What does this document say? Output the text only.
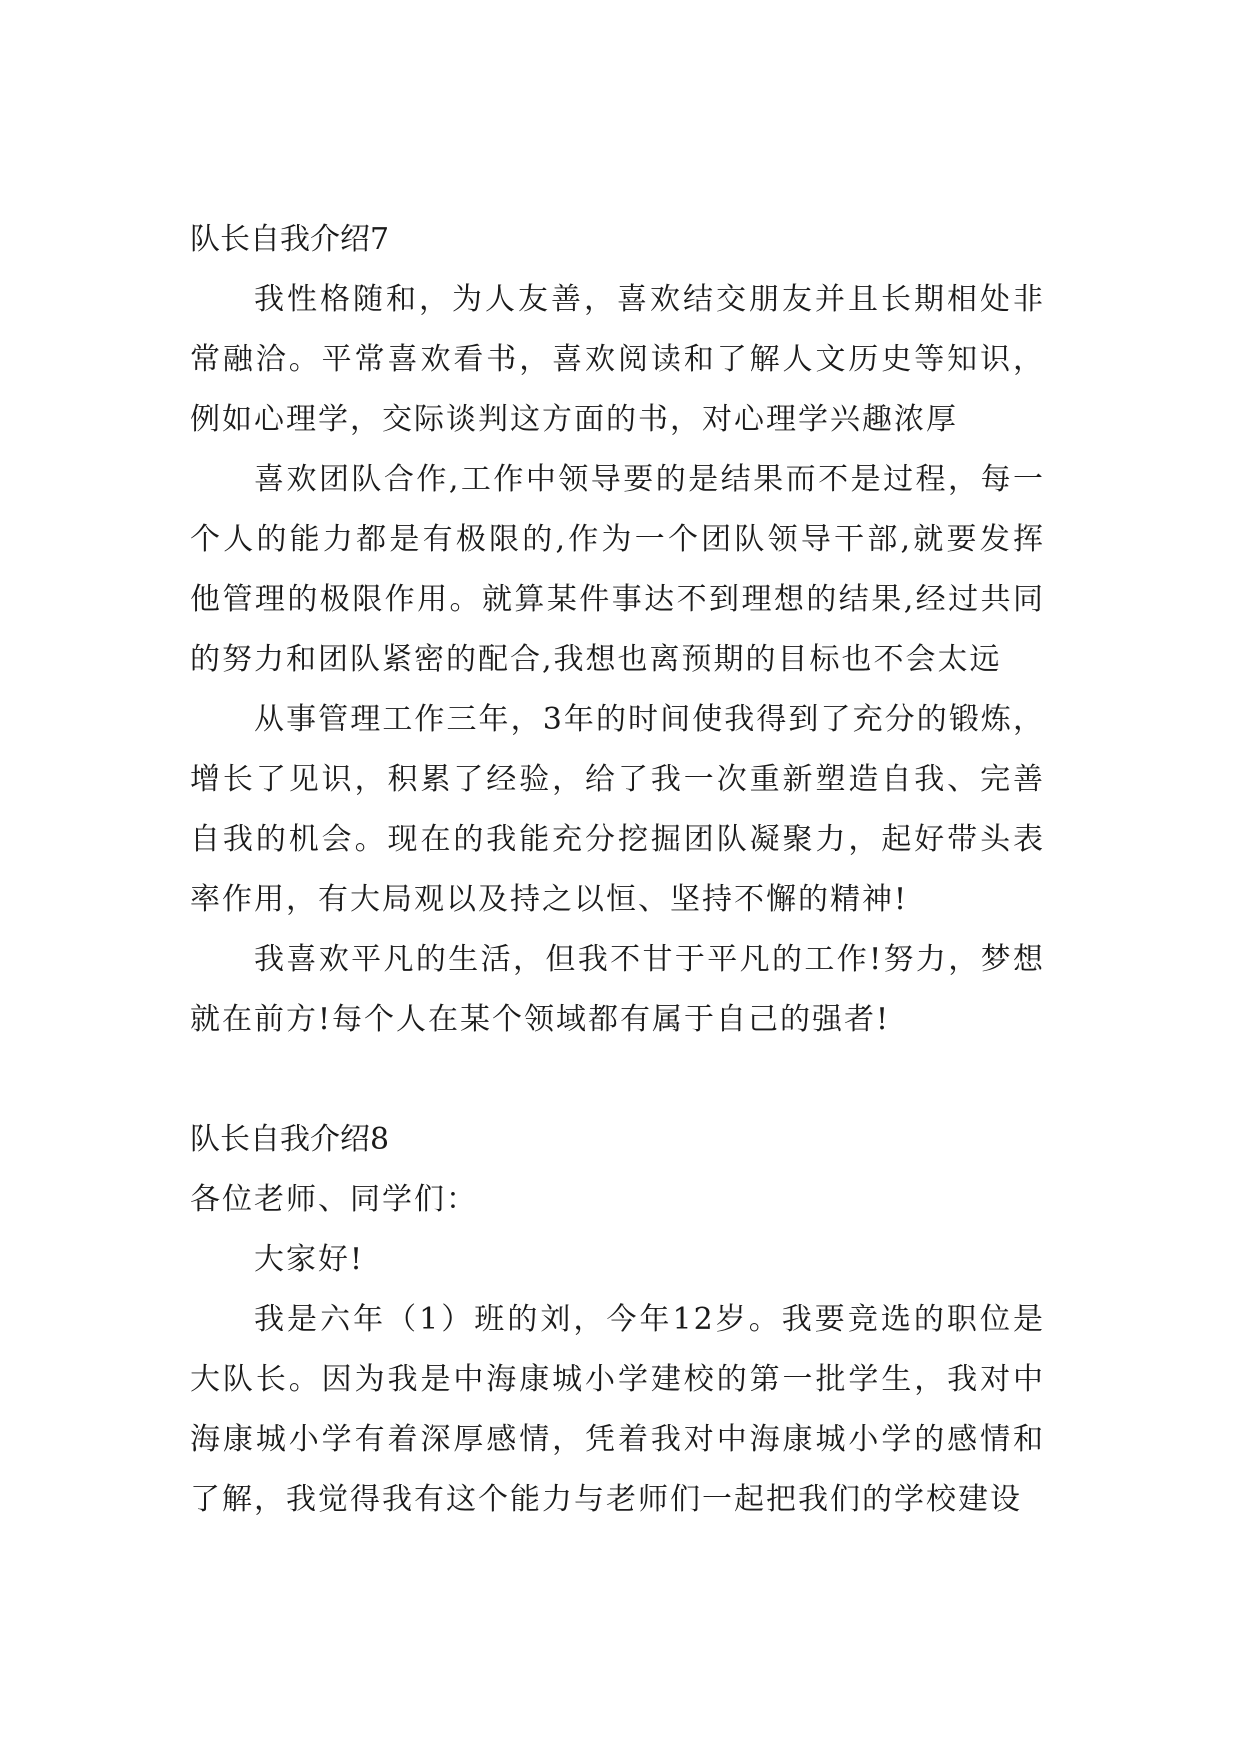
队长自我介绍7

我性格随和，为人友善，喜欢结交朋友并且长期相处非常融洽。平常喜欢看书，喜欢阅读和了解人文历史等知识，例如心理学，交际谈判这方面的书，对心理学兴趣浓厚

喜欢团队合作,工作中领导要的是结果而不是过程，每一个人的能力都是有极限的,作为一个团队领导干部,就要发挥他管理的极限作用。就算某件事达不到理想的结果,经过共同的努力和团队紧密的配合,我想也离预期的目标也不会太远

从事管理工作三年，3年的时间使我得到了充分的锻炼，增长了见识，积累了经验，给了我一次重新塑造自我、完善自我的机会。现在的我能充分挖掘团队凝聚力，起好带头表率作用，有大局观以及持之以恒、坚持不懈的精神!

我喜欢平凡的生活，但我不甘于平凡的工作!努力，梦想就在前方!每个人在某个领域都有属于自己的强者!

队长自我介绍8

各位老师、同学们：

大家好!

我是六年（1）班的刘，今年12岁。我要竞选的职位是大队长。因为我是中海康城小学建校的第一批学生，我对中海康城小学有着深厚感情，凭着我对中海康城小学的感情和了解，我觉得我有这个能力与老师们一起把我们的学校建设
